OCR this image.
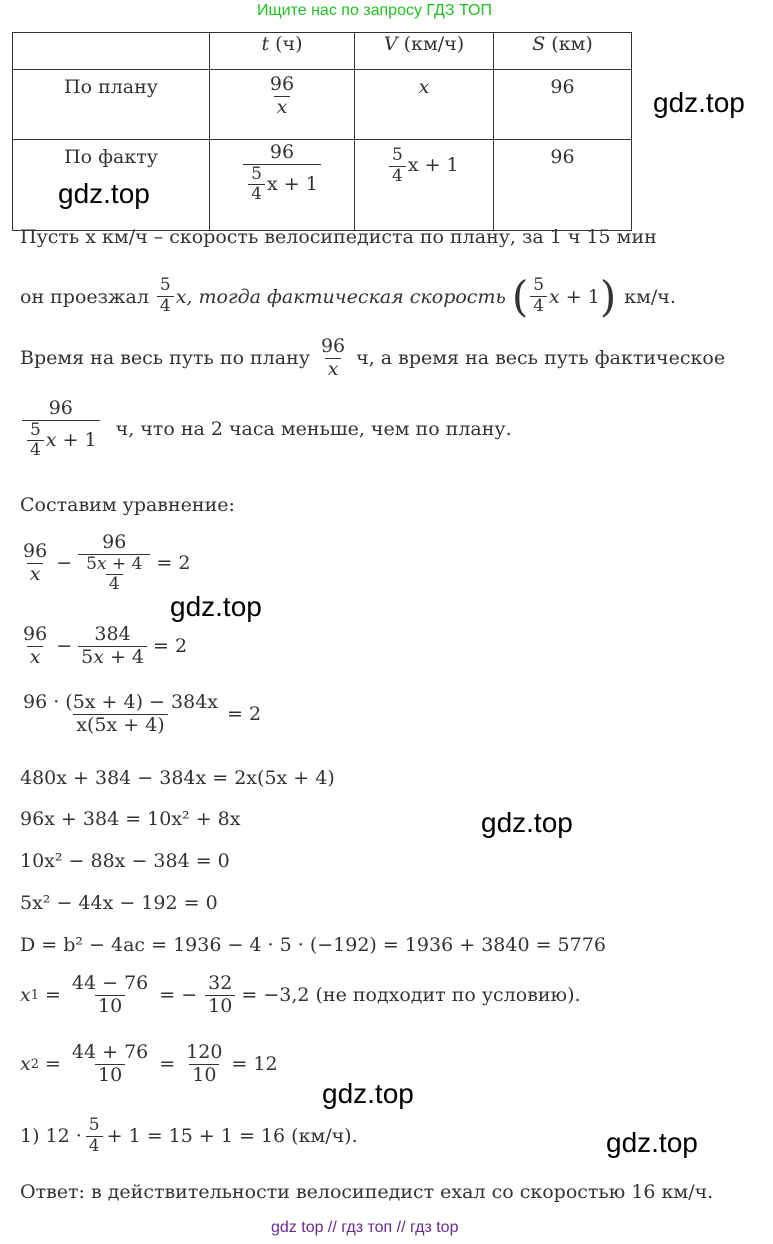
Ищите нас по запросу ГДЗ ТОП
	t (ч)	V (км/ч)	S (км)
По плану	$\frac{96}{x}$	x	96
По факту	$\frac{96}{\frac{5}{4} x + 1}$	$\frac{5}{4}$ x + 1	96
gdz.top
gdz.top
gdz.top
gdz.top
gdz.top
gdz.top
Пусть x км/ч – скорость велосипедиста по плану, за 1 ч 15 мин
он проезжал $\frac{5}{4} x$, тогда фактическая скорость ( $\frac{5}{4}$ x + 1 ) км/ч.
Время на весь путь по плану $\frac{96}{x} ч$, а время на весь путь фактическое
$\frac{96}{\frac{5}{4} x + 1} ч$, что на 2 часа меньше, чем по плану.
Составим уравнение:
$\frac{96}{x} - \frac{96}{\frac{5x + 4}{4}} = 2$
$\frac{96}{x} - \frac{384}{5x + 4} = 2$
$\frac{96 \cdot (5x + 4) - 384x}{x(5x + 4)} = 2$
480x + 384 − 384x = 2x(5x + 4)
96x + 384 = 10x² + 8x
10x² − 88x − 384 = 0
5x² − 44x − 192 = 0
D = b² − 4ac = 1936 − 4 · 5 · (−192) = 1936 + 3840 = 5776
x $1 = \frac{44 - 76}{10}$ = − $\frac{32}{10} = -3,2$ (не подходит по условию).
x $2 = \frac{44 + 76}{10} = \frac{120}{10} = 12$
1) $12 \cdot \frac{5}{4} + 1 = 15 + 1 = 16$ (км/ч).
Ответ: в действительности велосипедист ехал со скоростью 16 км/ч.
gdz top // гдз топ // гдз top
